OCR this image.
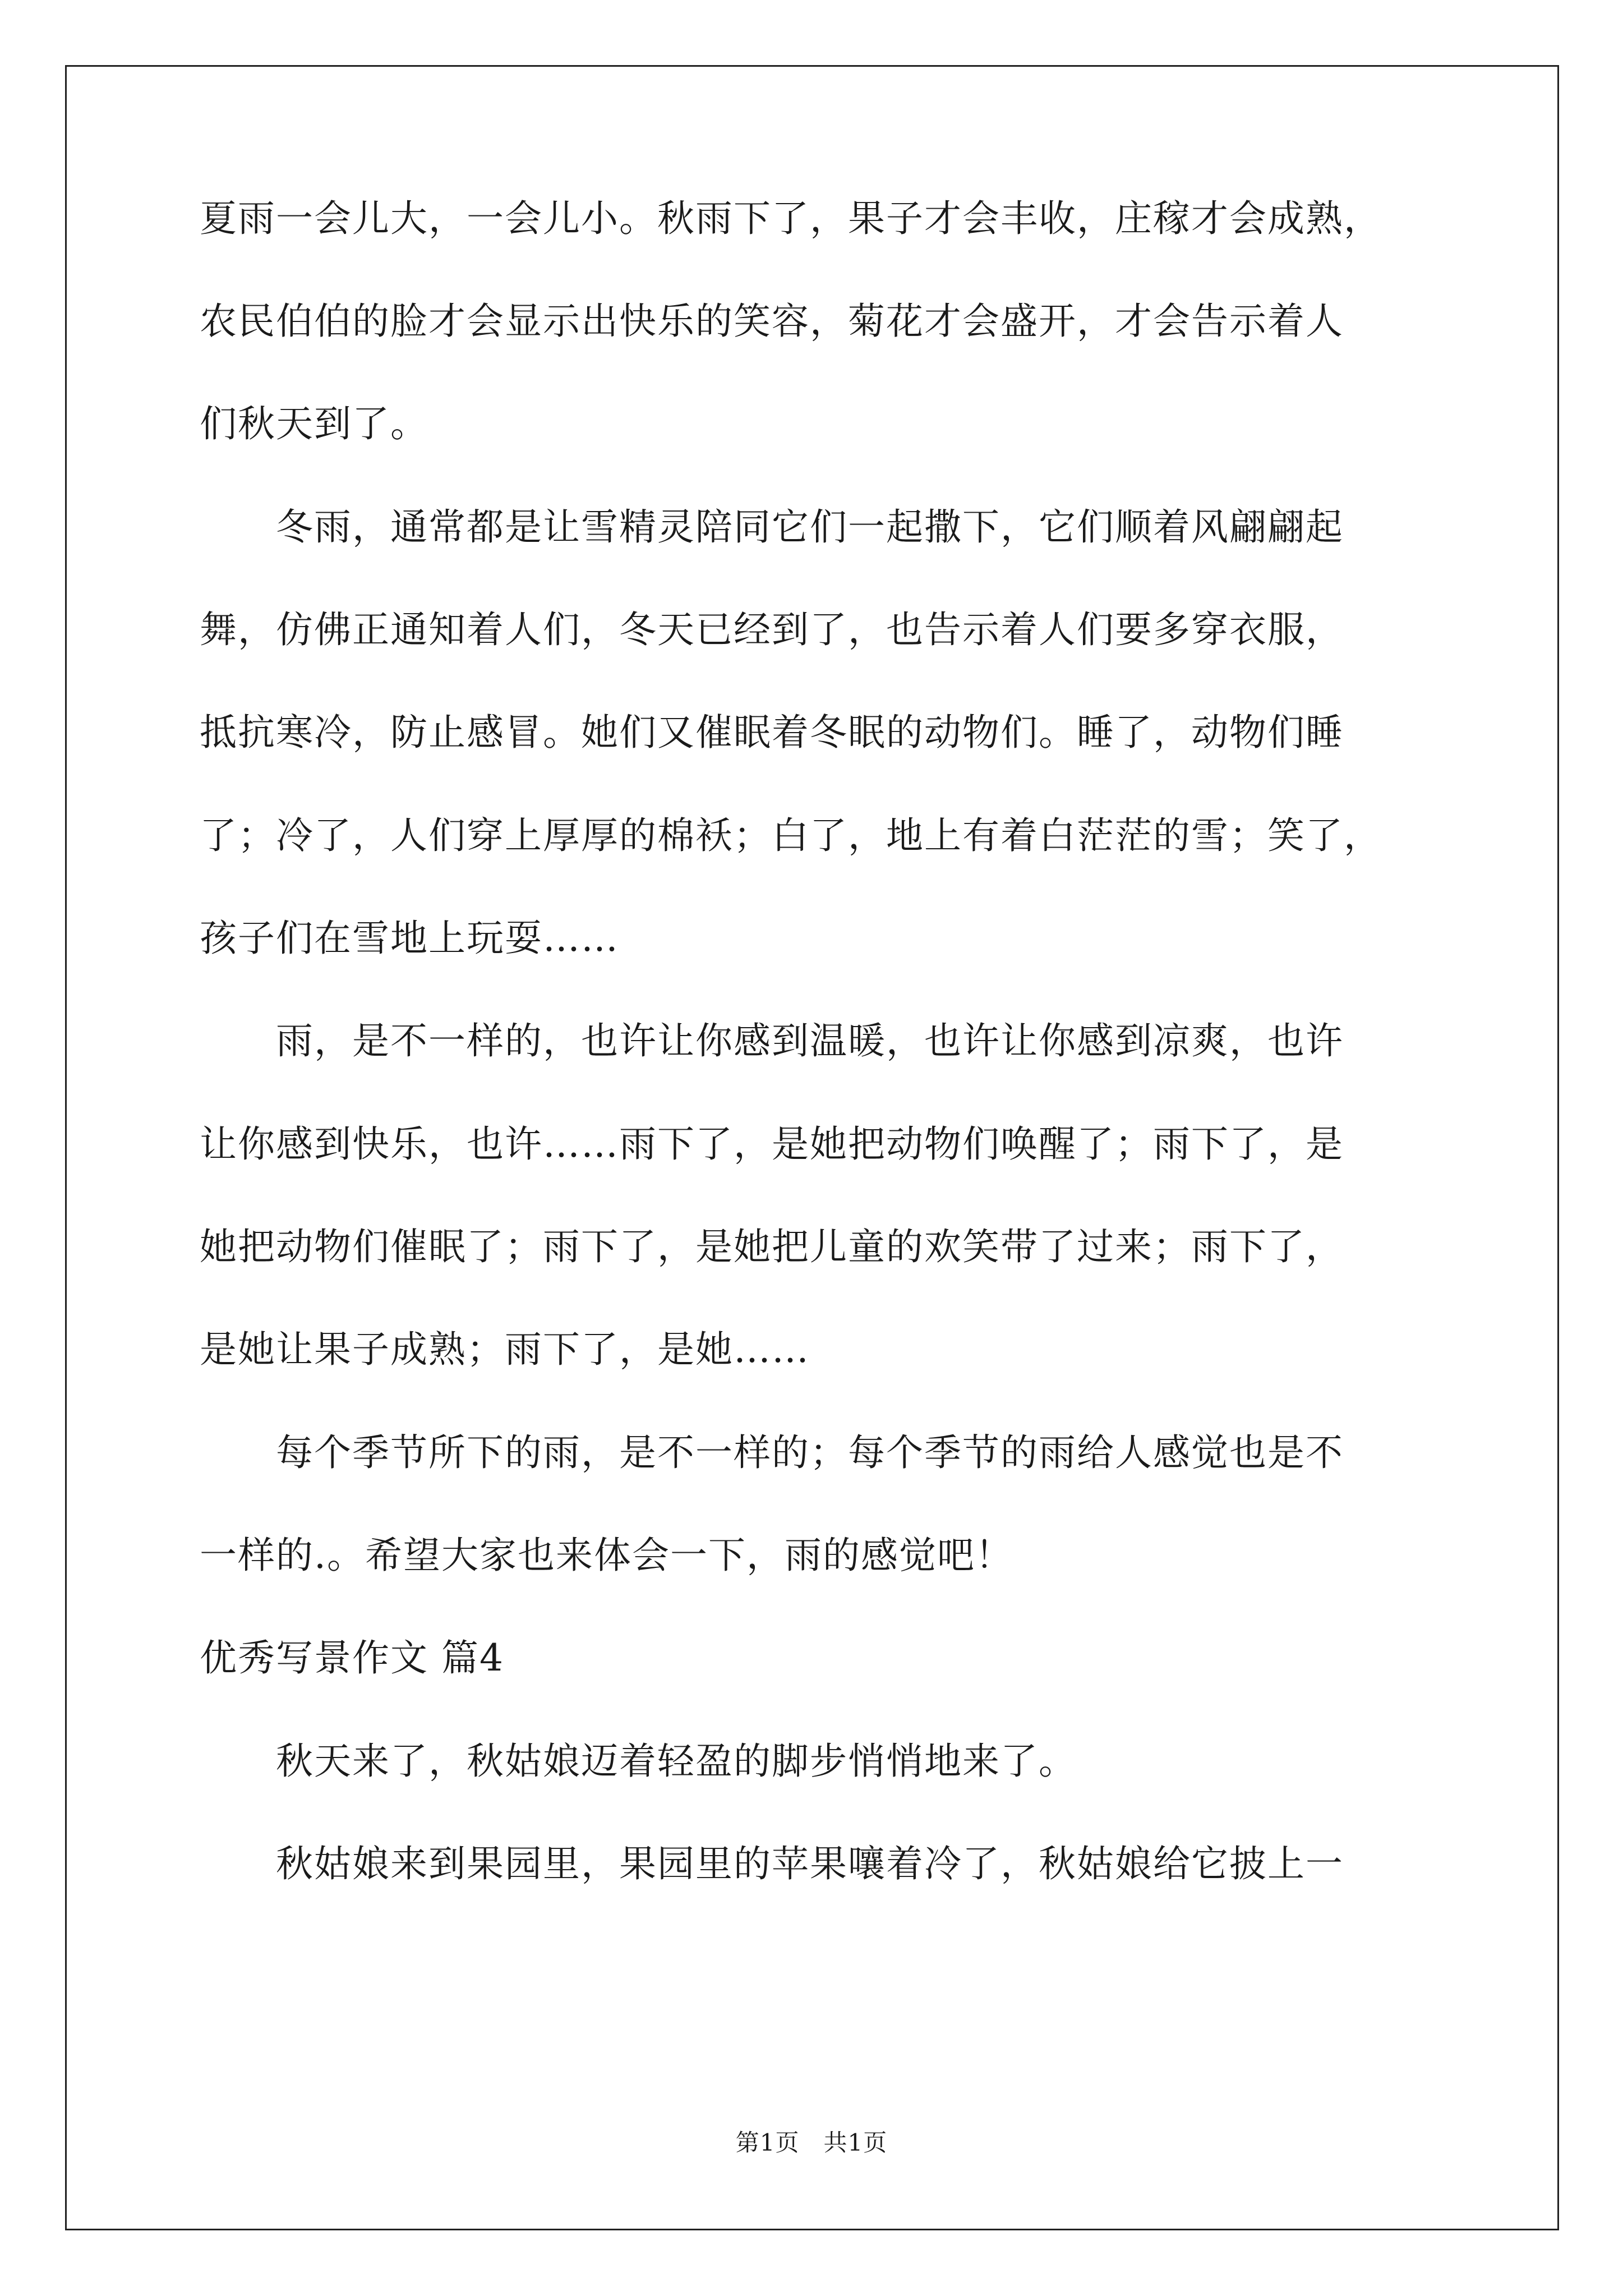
夏雨一会儿大，一会儿小。秋雨下了，果子才会丰收，庄稼才会成熟，
农民伯伯的脸才会显示出快乐的笑容，菊花才会盛开，才会告示着人
们秋天到了。
　　冬雨，通常都是让雪精灵陪同它们一起撒下，它们顺着风翩翩起
舞，仿佛正通知着人们，冬天已经到了，也告示着人们要多穿衣服，
抵抗寒冷，防止感冒。她们又催眠着冬眠的动物们。睡了，动物们睡
了；冷了，人们穿上厚厚的棉袄；白了，地上有着白茫茫的雪；笑了，
孩子们在雪地上玩耍……
　　雨，是不一样的，也许让你感到温暖，也许让你感到凉爽，也许
让你感到快乐，也许……雨下了，是她把动物们唤醒了；雨下了，是
她把动物们催眠了；雨下了，是她把儿童的欢笑带了过来；雨下了，
是她让果子成熟；雨下了，是她……
　　每个季节所下的雨，是不一样的；每个季节的雨给人感觉也是不
一样的.。希望大家也来体会一下，雨的感觉吧！
优秀写景作文 篇4
　　秋天来了，秋姑娘迈着轻盈的脚步悄悄地来了。
　　秋姑娘来到果园里，果园里的苹果嚷着冷了，秋姑娘给它披上一
第1页　共1页
